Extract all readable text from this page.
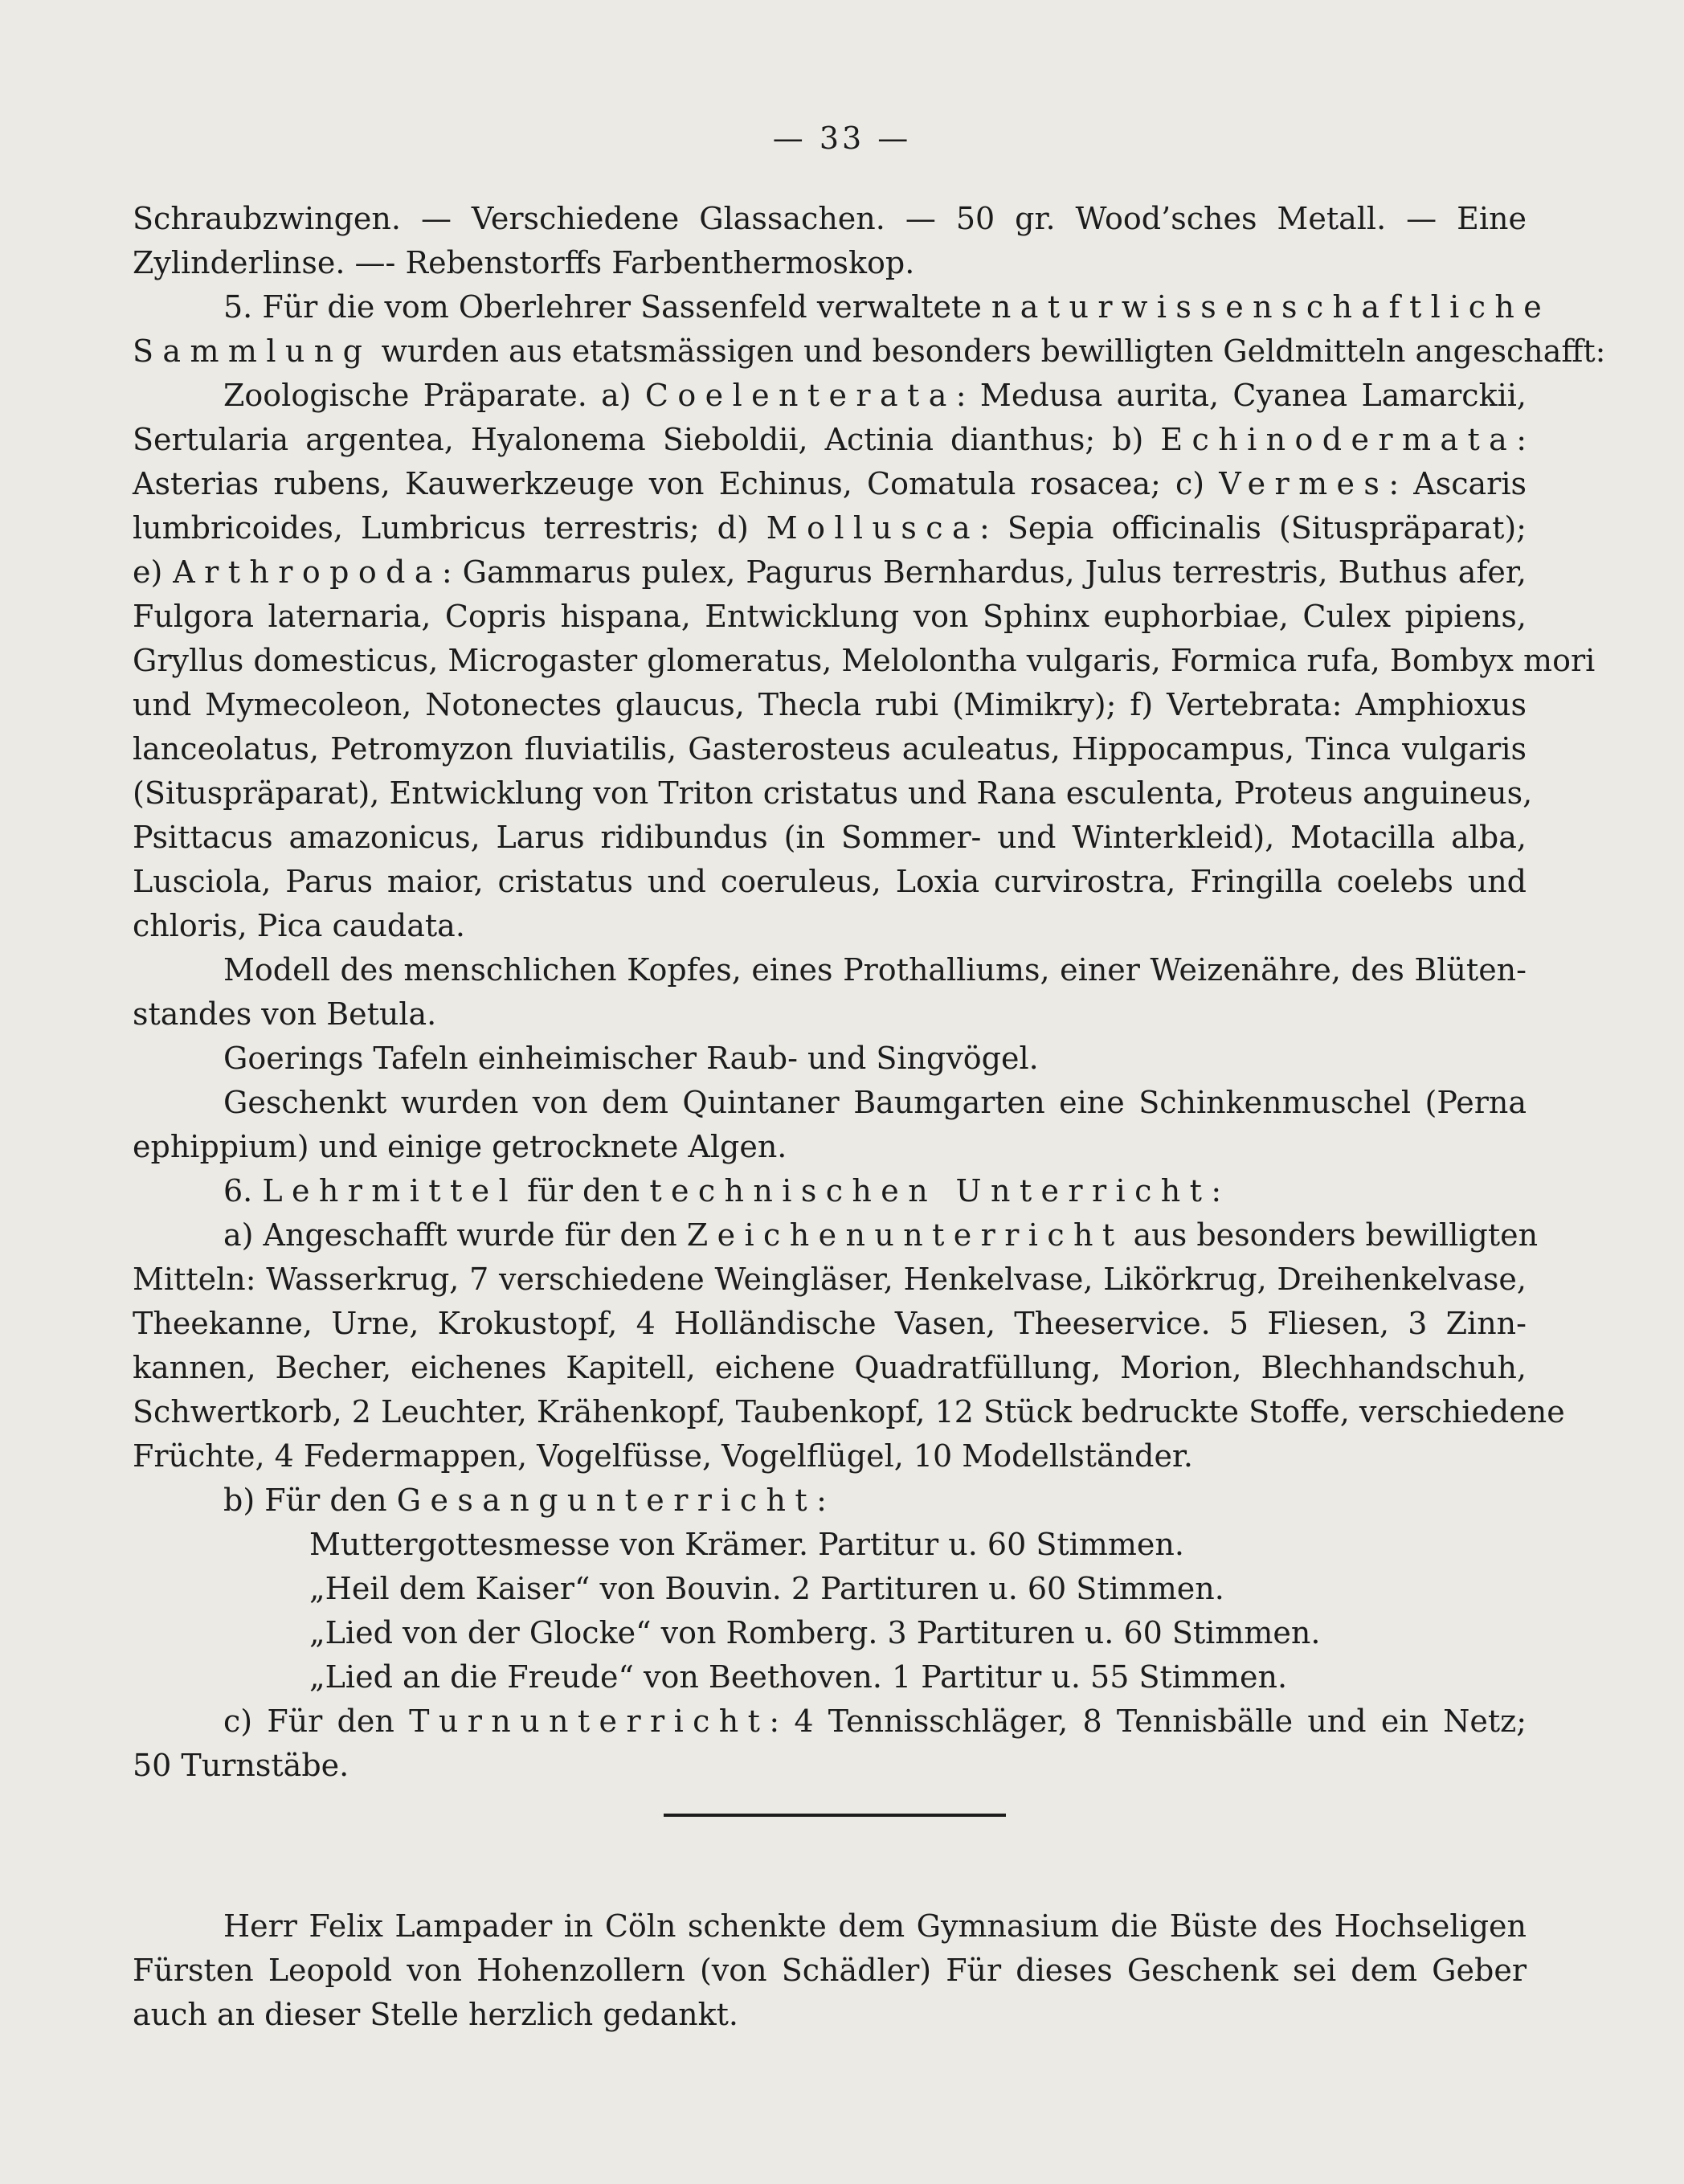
— 33 —
Schraubzwingen. — Verschiedene Glassachen. — 50 gr. Wood’sches Metall. — Eine
Zylinderlinse. —- Rebenstorffs Farbenthermoskop.
5. Für die vom Oberlehrer Sassenfeld verwaltete naturwissenschaftliche
Sammlung wurden aus etatsmässigen und besonders bewilligten Geldmitteln angeschafft:
Zoologische Präparate. a) Coelenterata: Medusa aurita, Cyanea Lamarckii,
Sertularia argentea, Hyalonema Sieboldii, Actinia dianthus; b) Echinodermata:
Asterias rubens, Kauwerkzeuge von Echinus, Comatula rosacea; c) Vermes: Ascaris
lumbricoides, Lumbricus terrestris; d) Mollusca: Sepia officinalis (Situspräparat);
e) Arthropoda: Gammarus pulex, Pagurus Bernhardus, Julus terrestris, Buthus afer,
Fulgora laternaria, Copris hispana, Entwicklung von Sphinx euphorbiae, Culex pipiens,
Gryllus domesticus, Microgaster glomeratus, Melolontha vulgaris, Formica rufa, Bombyx mori
und Mymecoleon, Notonectes glaucus, Thecla rubi (Mimikry); f) Vertebrata: Amphioxus
lanceolatus, Petromyzon fluviatilis, Gasterosteus aculeatus, Hippocampus, Tinca vulgaris
(Situspräparat), Entwicklung von Triton cristatus und Rana esculenta, Proteus anguineus,
Psittacus amazonicus, Larus ridibundus (in Sommer- und Winterkleid), Motacilla alba,
Lusciola, Parus maior, cristatus und coeruleus, Loxia curvirostra, Fringilla coelebs und
chloris, Pica caudata.
Modell des menschlichen Kopfes, eines Prothalliums, einer Weizenähre, des Blüten-
standes von Betula.
Goerings Tafeln einheimischer Raub- und Singvögel.
Geschenkt wurden von dem Quintaner Baumgarten eine Schinkenmuschel (Perna
ephippium) und einige getrocknete Algen.
6. Lehrmittel für den technischen Unterricht:
a) Angeschafft wurde für den Zeichenunterricht aus besonders bewilligten
Mitteln: Wasserkrug, 7 verschiedene Weingläser, Henkelvase, Likörkrug, Dreihenkelvase,
Theekanne, Urne, Krokustopf, 4 Holländische Vasen, Theeservice. 5 Fliesen, 3 Zinn-
kannen, Becher, eichenes Kapitell, eichene Quadratfüllung, Morion, Blechhandschuh,
Schwertkorb, 2 Leuchter, Krähenkopf, Taubenkopf, 12 Stück bedruckte Stoffe, verschiedene
Früchte, 4 Federmappen, Vogelfüsse, Vogelflügel, 10 Modellständer.
b) Für den Gesangunterricht:
Muttergottesmesse von Krämer. Partitur u. 60 Stimmen.
„Heil dem Kaiser“ von Bouvin. 2 Partituren u. 60 Stimmen.
„Lied von der Glocke“ von Romberg. 3 Partituren u. 60 Stimmen.
„Lied an die Freude“ von Beethoven. 1 Partitur u. 55 Stimmen.
c) Für den Turnunterricht: 4 Tennisschläger, 8 Tennisbälle und ein Netz;
50 Turnstäbe.
Herr Felix Lampader in Cöln schenkte dem Gymnasium die Büste des Hochseligen
Fürsten Leopold von Hohenzollern (von Schädler) Für dieses Geschenk sei dem Geber
auch an dieser Stelle herzlich gedankt.
